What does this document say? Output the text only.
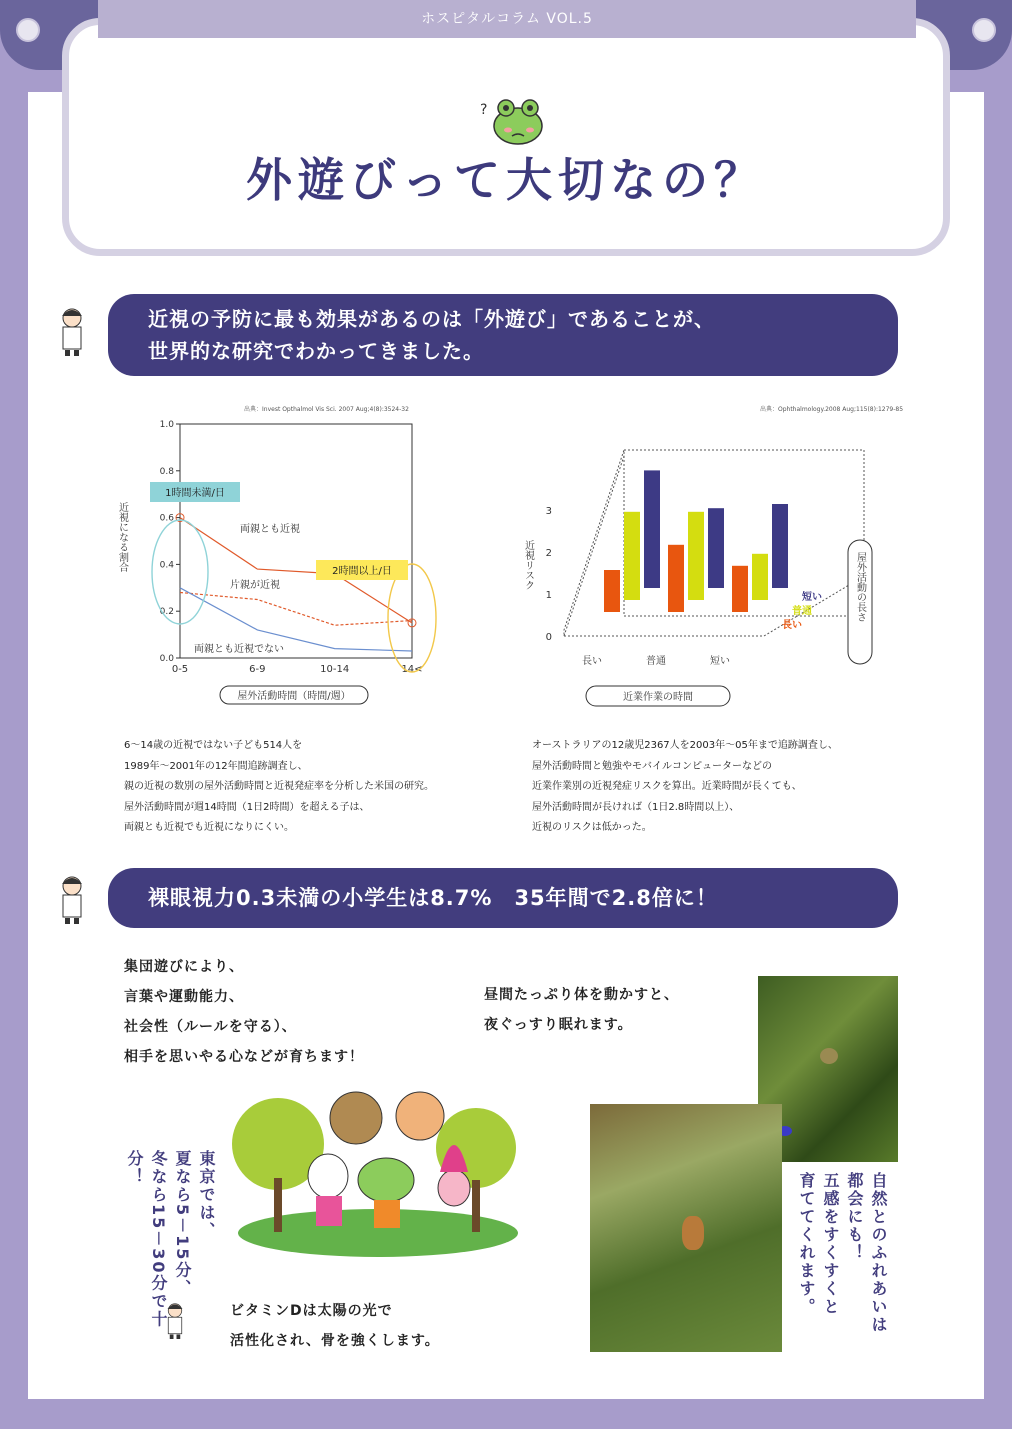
ホスピタルコラム VOL.5
?
外遊びって大切なの？
近視の予防に最も効果があるのは「外遊び」であることが、
世界的な研究でわかってきました。
出典：Invest Opthalmol Vis Sci. 2007 Aug;4(8):3524-32
0.0
0.2
0.4
0.6
0.8
1.0
0-5	6-9	10-14	14<
近視になる割合
屋外活動時間（時間/週）
両親とも近視
片親が近視
両親とも近視でない
1時間未満/日
2時間以上/日
出典：Ophthalmology.2008 Aug;115(8):1279-85
0
1
2
3
長い	普通	短い
長い
普通
短い
近視リスク
近業作業の時間
屋外活動の長さ
6～14歳の近視ではない子ども514人を
1989年～2001年の12年間追跡調査し、
親の近視の数別の屋外活動時間と近視発症率を分析した米国の研究。
屋外活動時間が週14時間（1日2時間）を超える子は、
両親とも近視でも近視になりにくい。
オーストラリアの12歳児2367人を2003年～05年まで追跡調査し、
屋外活動時間と勉強やモバイルコンピューターなどの
近業作業別の近視発症リスクを算出。近業時間が長くても、
屋外活動時間が長ければ（1日2.8時間以上）、
近視のリスクは低かった。
裸眼視力0.3未満の小学生は8.7%　35年間で2.8倍に！
集団遊びにより、
言葉や運動能力、
社会性（ルールを守る）、
相手を思いやる心などが育ちます！
昼間たっぷり体を動かすと、
夜ぐっすり眠れます。
自然とのふれあいは
都会にも！
五感をすくすくと
育ててくれます。
東京では、
夏なら5－15分、
冬なら15－30分で十分！
ビタミンDは太陽の光で
活性化され、骨を強くします。
